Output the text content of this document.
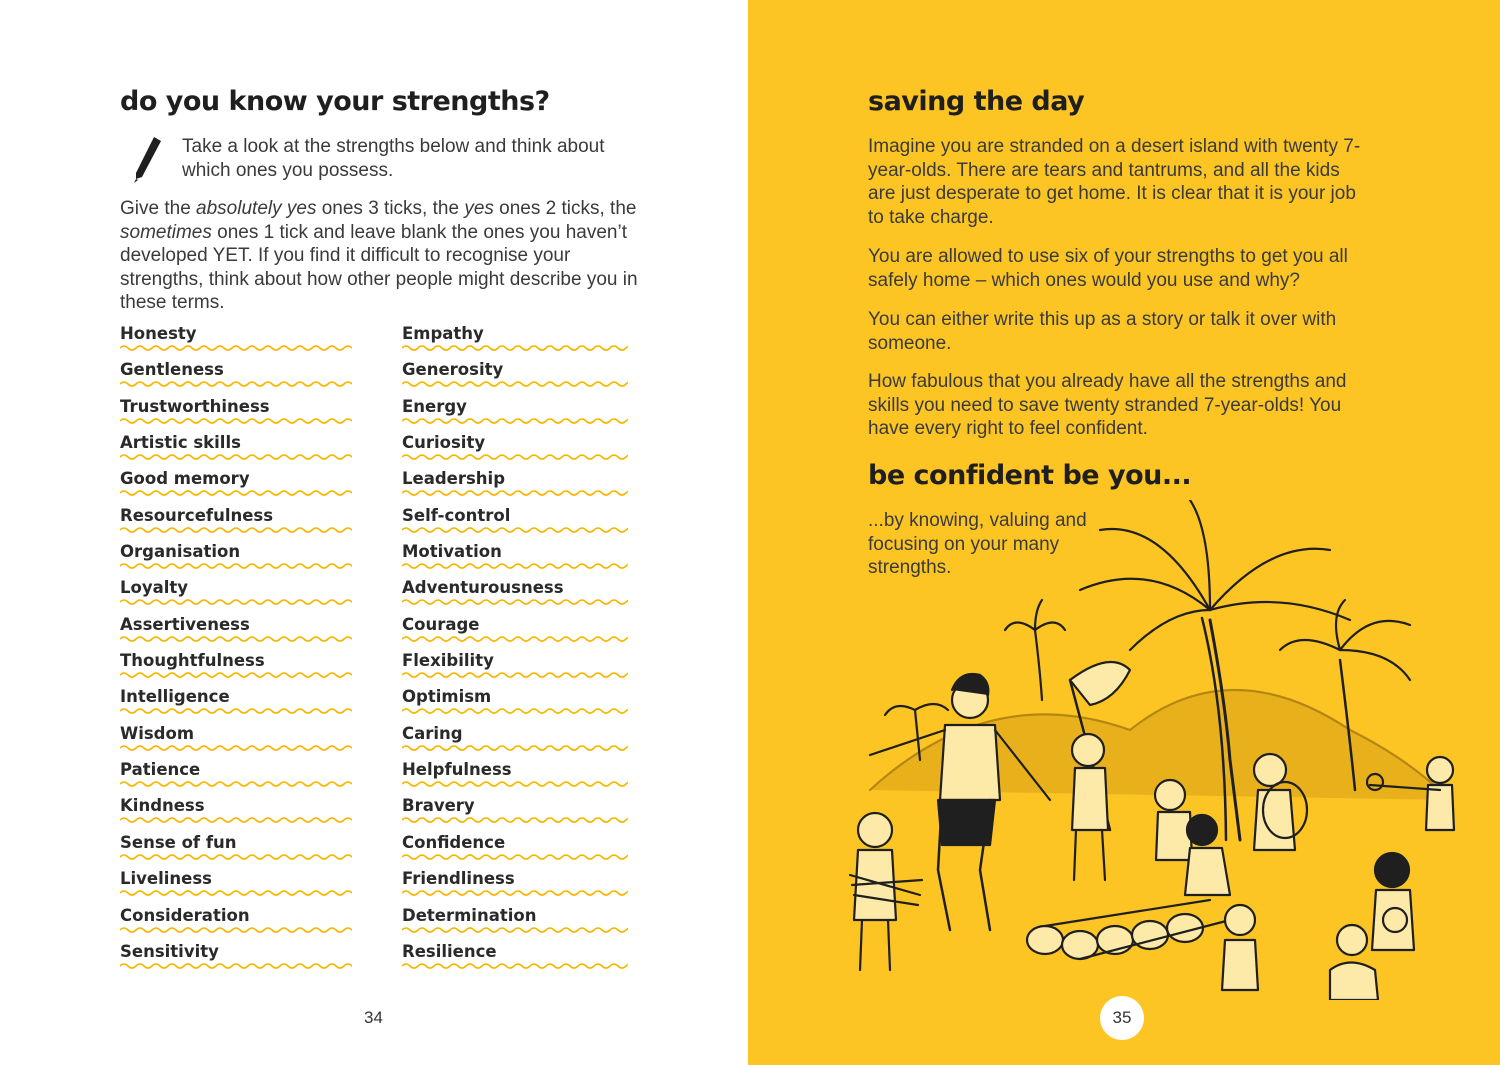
do you know your strengths?

Take a look at the strengths below and think about which ones you possess.

Give the absolutely yes ones 3 ticks, the yes ones 2 ticks, the sometimes ones 1 tick and leave blank the ones you haven’t developed YET. If you find it difficult to recognise your strengths, think about how other people might describe you in these terms.

Honesty
Gentleness
Trustworthiness
Artistic skills
Good memory
Resourcefulness
Organisation
Loyalty
Assertiveness
Thoughtfulness
Intelligence
Wisdom
Patience
Kindness
Sense of fun
Liveliness
Consideration
Sensitivity
Empathy
Generosity
Energy
Curiosity
Leadership
Self-control
Motivation
Adventurousness
Courage
Flexibility
Optimism
Caring
Helpfulness
Bravery
Confidence
Friendliness
Determination
Resilience
34
saving the day

Imagine you are stranded on a desert island with twenty 7-year-olds. There are tears and tantrums, and all the kids are just desperate to get home. It is clear that it is your job to take charge.

You are allowed to use six of your strengths to get you all safely home – which ones would you use and why?

You can either write this up as a story or talk it over with someone.

How fabulous that you already have all the strengths and skills you need to save twenty stranded 7-year-olds! You have every right to feel confident.

be confident be you...

...by knowing, valuing and focusing on your many strengths.

35
